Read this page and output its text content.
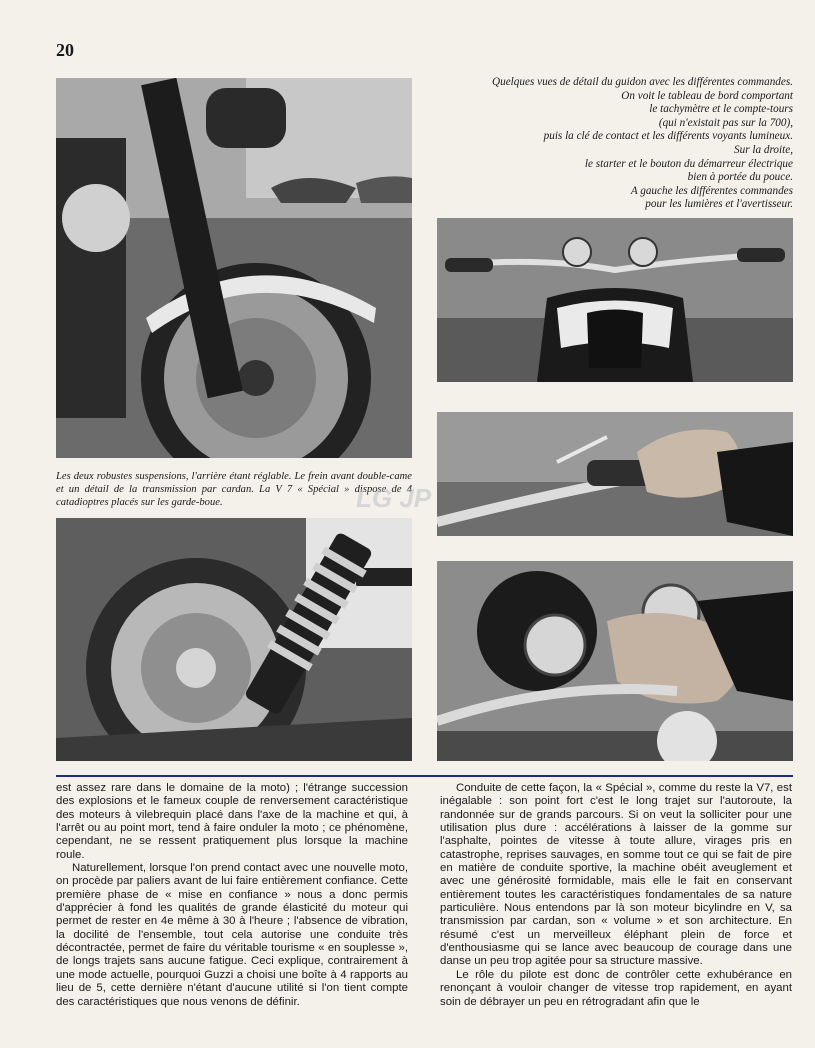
20
Quelques vues de détail du guidon avec les différentes commandes.
On voit le tableau de bord comportant
le tachymètre et le compte-tours
(qui n'existait pas sur la 700),
puis la clé de contact et les différents voyants lumineux.
Sur la droite,
le starter et le bouton du démarreur électrique
bien à portée du pouce.
A gauche les différentes commandes
pour les lumières et l'avertisseur.
Les deux robustes suspensions, l'arrière étant réglable. Le frein avant double-came et un détail de la transmission par cardan. La V 7 « Spécial » dispose de 4 catadioptres placés sur les garde-boue.	LG JP

est assez rare dans le domaine de la moto) ; l'étrange succession des explosions et le fameux couple de renversement caractéristique des moteurs à vilebrequin placé dans l'axe de la machine et qui, à l'arrêt ou au point mort, tend à faire onduler la moto ; ce phénomène, cependant, ne se ressent pratiquement plus lorsque la machine roule.

Naturellement, lorsque l'on prend contact avec une nouvelle moto, on procède par paliers avant de lui faire entièrement confiance. Cette première phase de « mise en confiance » nous a donc permis d'apprécier à fond les qualités de grande élasticité du moteur qui permet de rester en 4e même à 30 à l'heure ; l'absence de vibration, la docilité de l'ensemble, tout cela autorise une conduite très décontractée, permet de faire du véritable tourisme « en souplesse », de longs trajets sans aucune fatigue. Ceci explique, contrairement à une mode actuelle, pourquoi Guzzi a choisi une boîte à 4 rapports au lieu de 5, cette dernière n'étant d'aucune utilité si l'on tient compte des caractéristiques que nous venons de définir.

Conduite de cette façon, la « Spécial », comme du reste la V7, est inégalable : son point fort c'est le long trajet sur l'autoroute, la randonnée sur de grands parcours. Si on veut la solliciter pour une utilisation plus dure : accélérations à laisser de la gomme sur l'asphalte, pointes de vitesse à toute allure, virages pris en catastrophe, reprises sauvages, en somme tout ce qui se fait de pire en matière de conduite sportive, la machine obéit aveuglement et avec une générosité formidable, mais elle le fait en conservant entièrement toutes les caractéristiques fondamentales de sa nature particulière. Nous entendons par là son moteur bicylindre en V, sa transmission par cardan, son « volume » et son architecture. En résumé c'est un merveilleux éléphant plein de force et d'enthousiasme qui se lance avec beaucoup de courage dans une danse un peu trop agitée pour sa structure massive.

Le rôle du pilote est donc de contrôler cette exhubérance en renonçant à vouloir changer de vitesse trop rapidement, en ayant soin de débrayer un peu en rétrogradant afin que le
